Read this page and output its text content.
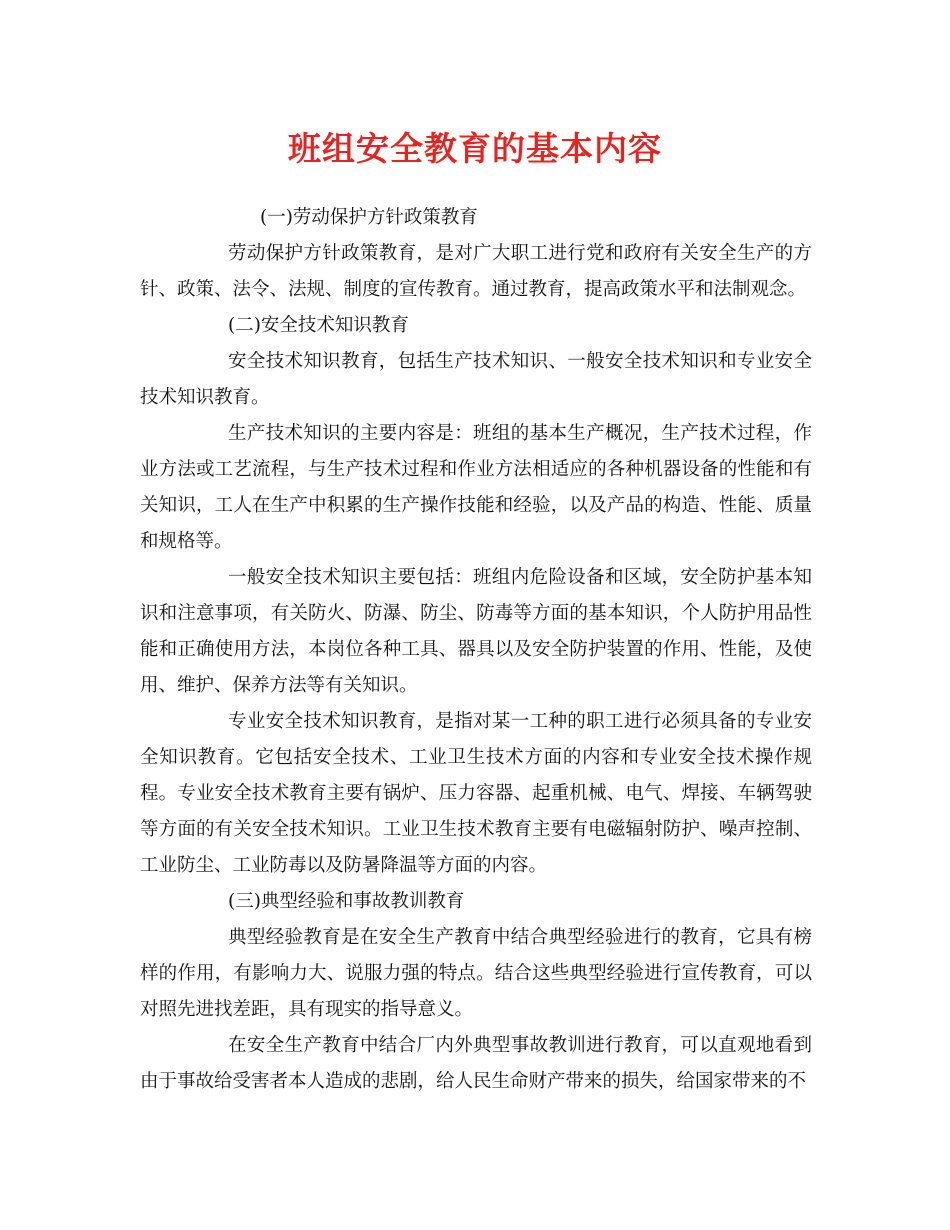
班组安全教育的基本内容

(一)劳动保护方针政策教育

劳动保护方针政策教育，是对广大职工进行党和政府有关安全生产的方针、政策、法令、法规、制度的宣传教育。通过教育，提高政策水平和法制观念。

(二)安全技术知识教育

安全技术知识教育，包括生产技术知识、一般安全技术知识和专业安全技术知识教育。

生产技术知识的主要内容是：班组的基本生产概况，生产技术过程，作业方法或工艺流程，与生产技术过程和作业方法相适应的各种机器设备的性能和有关知识，工人在生产中积累的生产操作技能和经验，以及产品的构造、性能、质量和规格等。

一般安全技术知识主要包括：班组内危险设备和区域，安全防护基本知识和注意事项，有关防火、防瀑、防尘、防毒等方面的基本知识，个人防护用品性能和正确使用方法，本岗位各种工具、器具以及安全防护装置的作用、性能，及使用、维护、保养方法等有关知识。

专业安全技术知识教育，是指对某一工种的职工进行必须具备的专业安全知识教育。它包括安全技术、工业卫生技术方面的内容和专业安全技术操作规程。专业安全技术教育主要有锅炉、压力容器、起重机械、电气、焊接、车辆驾驶等方面的有关安全技术知识。工业卫生技术教育主要有电磁辐射防护、噪声控制、工业防尘、工业防毒以及防暑降温等方面的内容。

(三)典型经验和事故教训教育

典型经验教育是在安全生产教育中结合典型经验进行的教育，它具有榜样的作用，有影响力大、说服力强的特点。结合这些典型经验进行宣传教育，可以对照先进找差距，具有现实的指导意义。

在安全生产教育中结合厂内外典型事故教训进行教育，可以直观地看到由于事故给受害者本人造成的悲剧，给人民生命财产带来的损失，给国家带来的不
